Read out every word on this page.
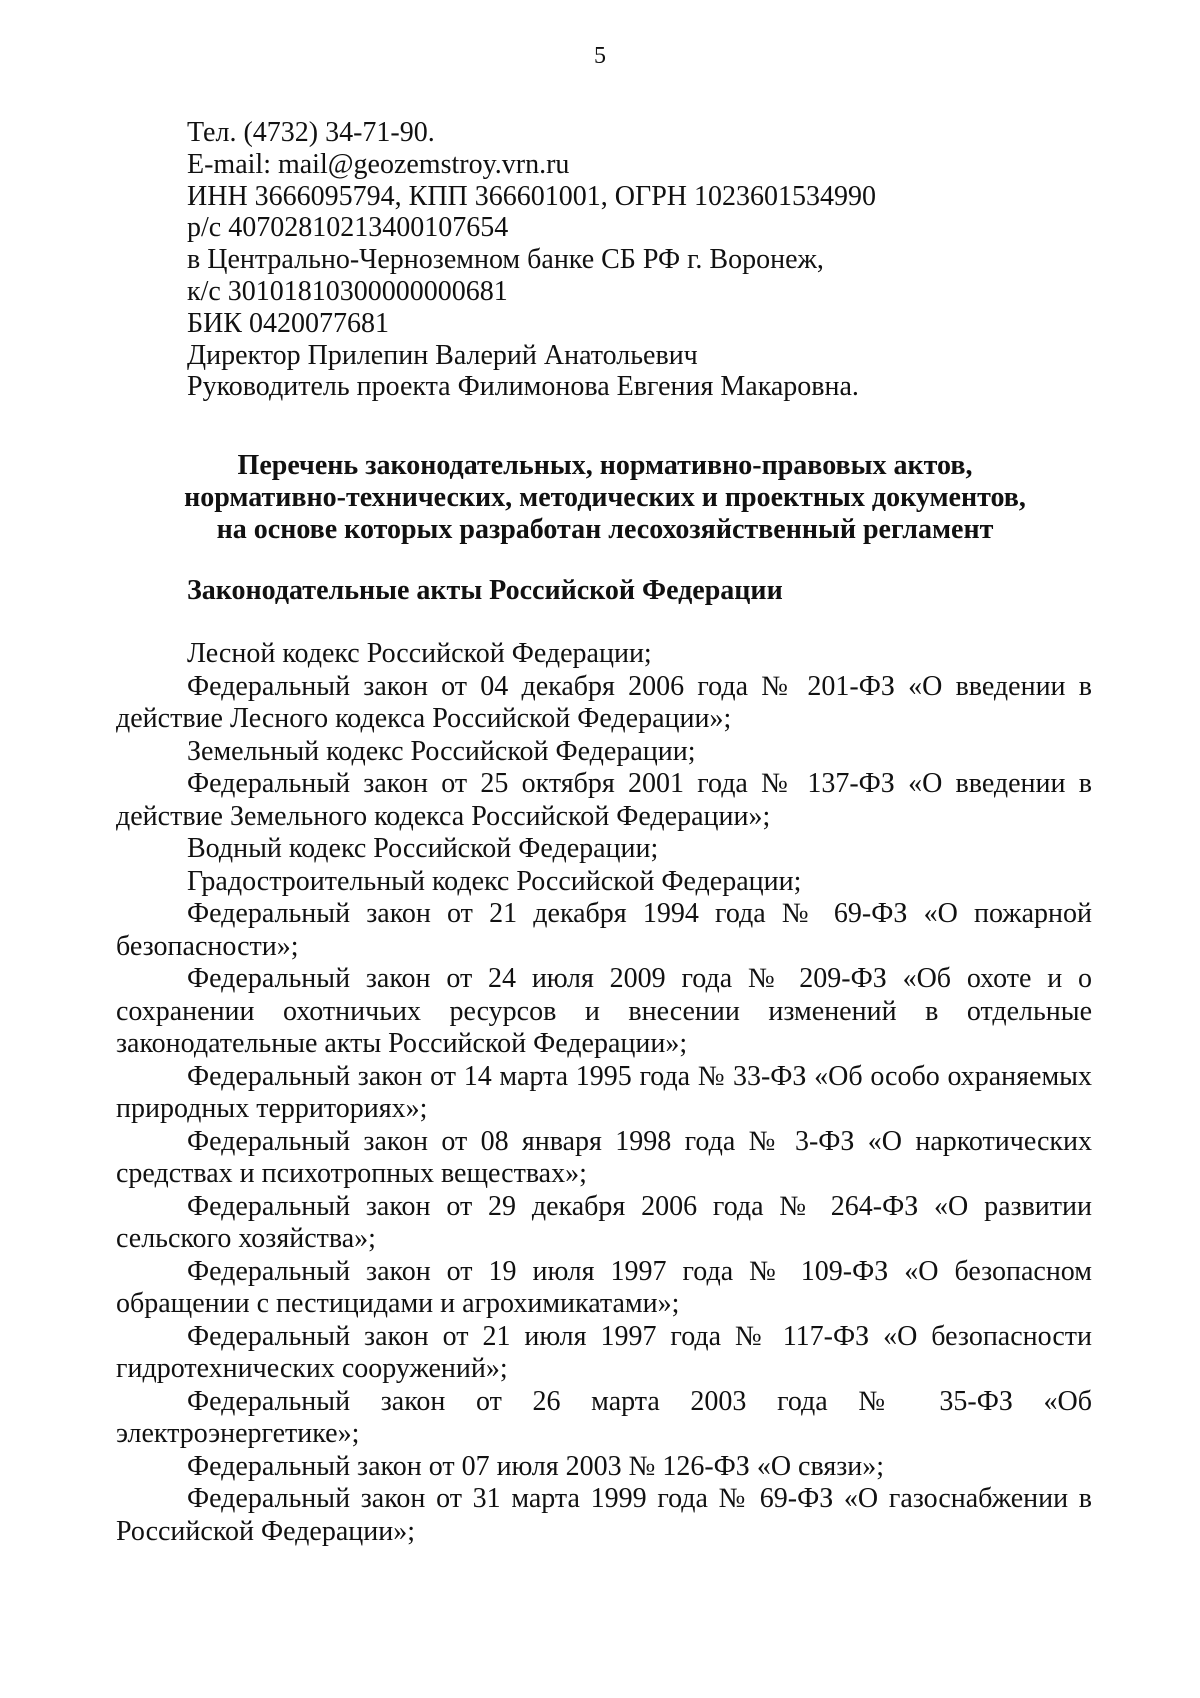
5
Тел. (4732) 34-71-90.
E-mail: mail@geozemstroy.vrn.ru
ИНН 3666095794, КПП 366601001, ОГРН 1023601534990
р/с 40702810213400107654
в Центрально-Черноземном банке СБ РФ г. Воронеж,
к/с 30101810300000000681
БИК 0420077681
Директор Прилепин Валерий Анатольевич
Руководитель проекта Филимонова Евгения Макаровна.
Перечень законодательных, нормативно-правовых актов,
нормативно-технических, методических и проектных документов,
на основе которых разработан лесохозяйственный регламент
Законодательные акты Российской Федерации

Лесной кодекс Российской Федерации;

Федеральный закон от 04 декабря 2006 года № 201-ФЗ «О введении в действие Лесного кодекса Российской Федерации»;

Земельный кодекс Российской Федерации;

Федеральный закон от 25 октября 2001 года № 137-ФЗ «О введении в действие Земельного кодекса Российской Федерации»;

Водный кодекс Российской Федерации;

Градостроительный кодекс Российской Федерации;

Федеральный закон от 21 декабря 1994 года № 69-ФЗ «О пожарной безопасности»;

Федеральный закон от 24 июля 2009 года № 209-ФЗ «Об охоте и о сохранении охотничьих ресурсов и внесении изменений в отдельные законодательные акты Российской Федерации»;

Федеральный закон от 14 марта 1995 года № 33-ФЗ «Об особо охраняемых природных территориях»;

Федеральный закон от 08 января 1998 года № 3-ФЗ «О наркотических средствах и психотропных веществах»;

Федеральный закон от 29 декабря 2006 года № 264-ФЗ «О развитии сельского хозяйства»;

Федеральный закон от 19 июля 1997 года № 109-ФЗ «О безопасном обращении с пестицидами и агрохимикатами»;

Федеральный закон от 21 июля 1997 года № 117-ФЗ «О безопасности гидротехнических сооружений»;

Федеральный закон от 26 марта 2003 года № 35-ФЗ «Об электроэнергетике»;

Федеральный закон от 07 июля 2003 № 126-ФЗ «О связи»;

Федеральный закон от 31 марта 1999 года № 69-ФЗ «О газоснабжении в Российской Федерации»;
